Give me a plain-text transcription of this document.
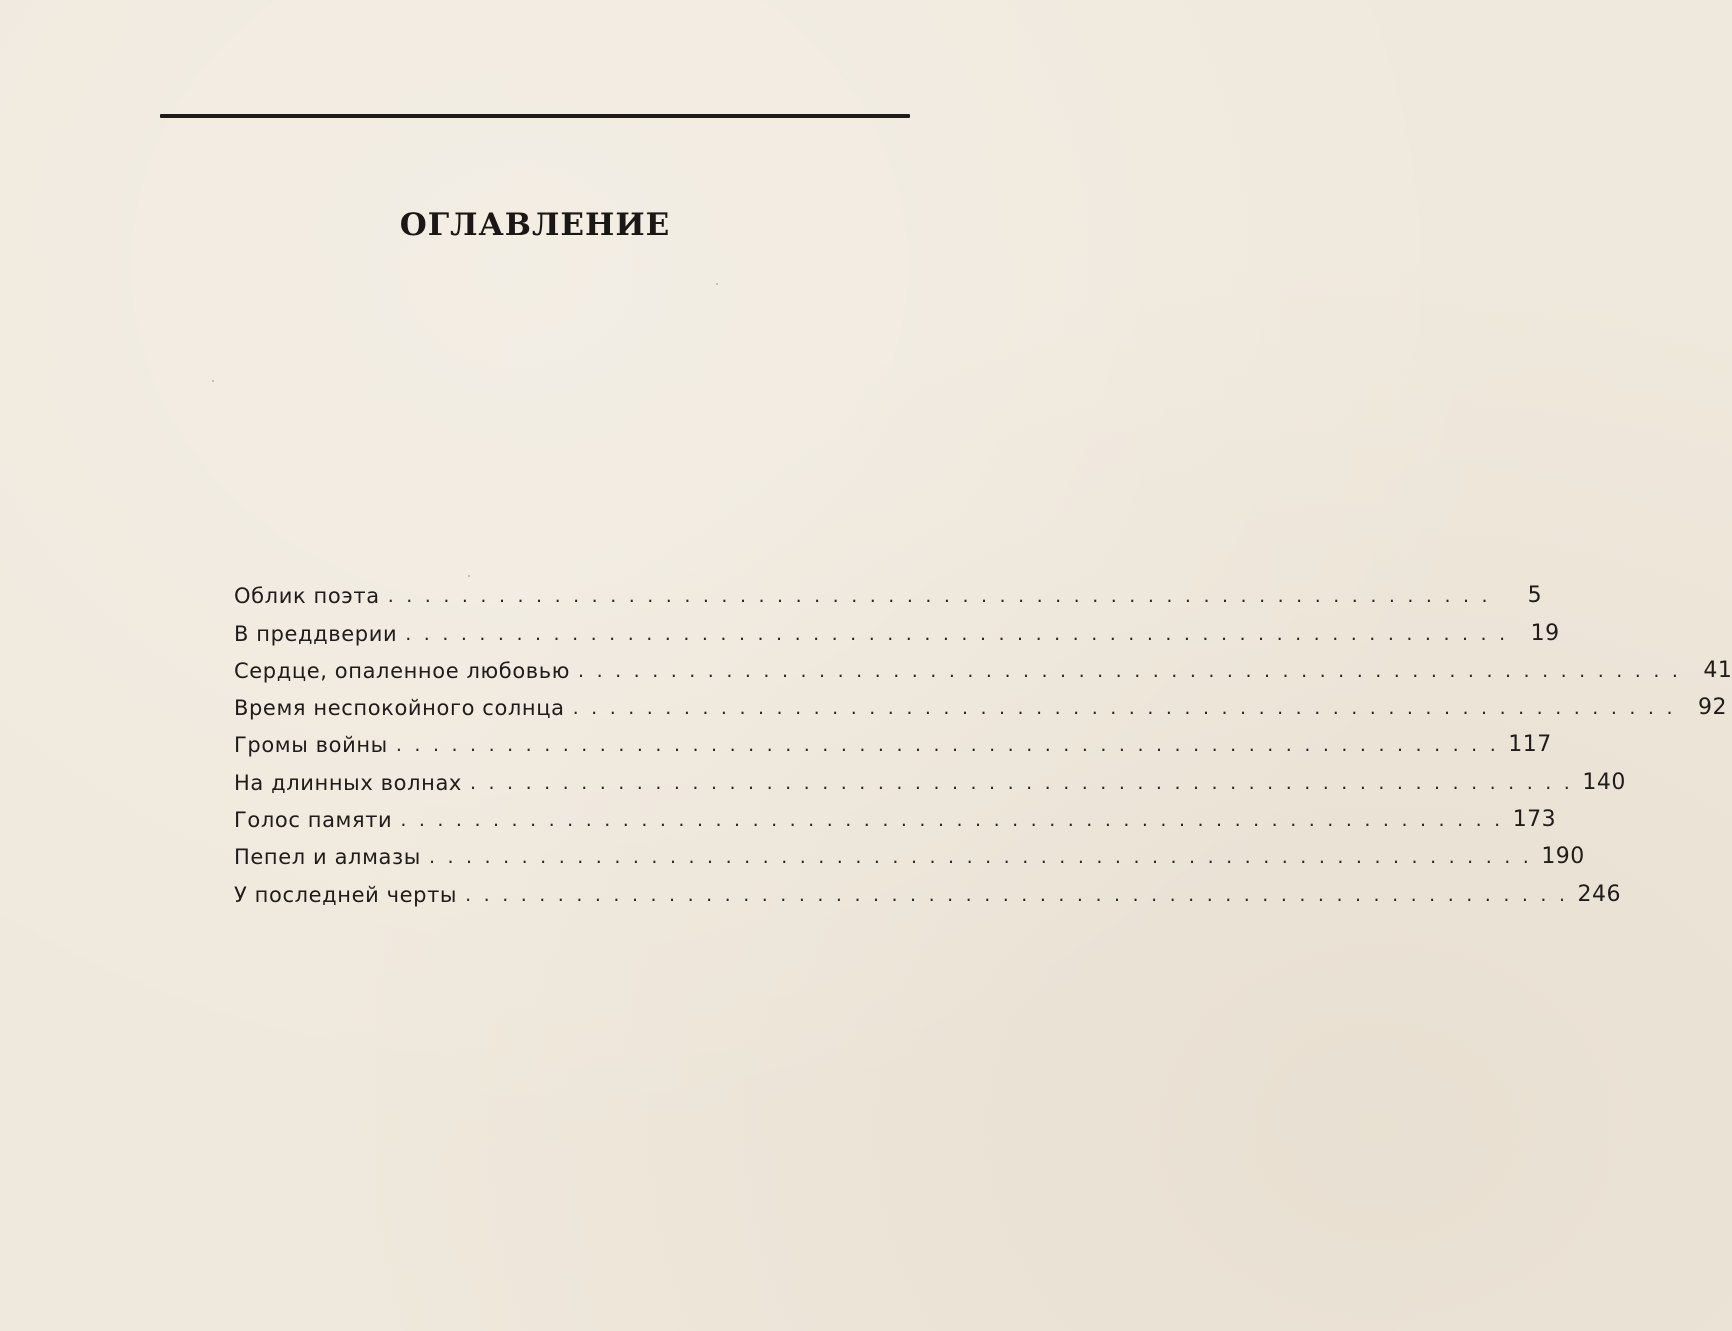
ОГЛАВЛЕНИЕ
Облик поэта ............................................................	5
В преддверии ............................................................ 19
Сердце, опаленное любовью ............................................................ 41
Время неспокойного солнца ............................................................ 92
Громы войны ............................................................ 117
На длинных волнах ............................................................ 140
Голос памяти ............................................................ 173
Пепел и алмазы ............................................................ 190
У последней черты ............................................................ 246
